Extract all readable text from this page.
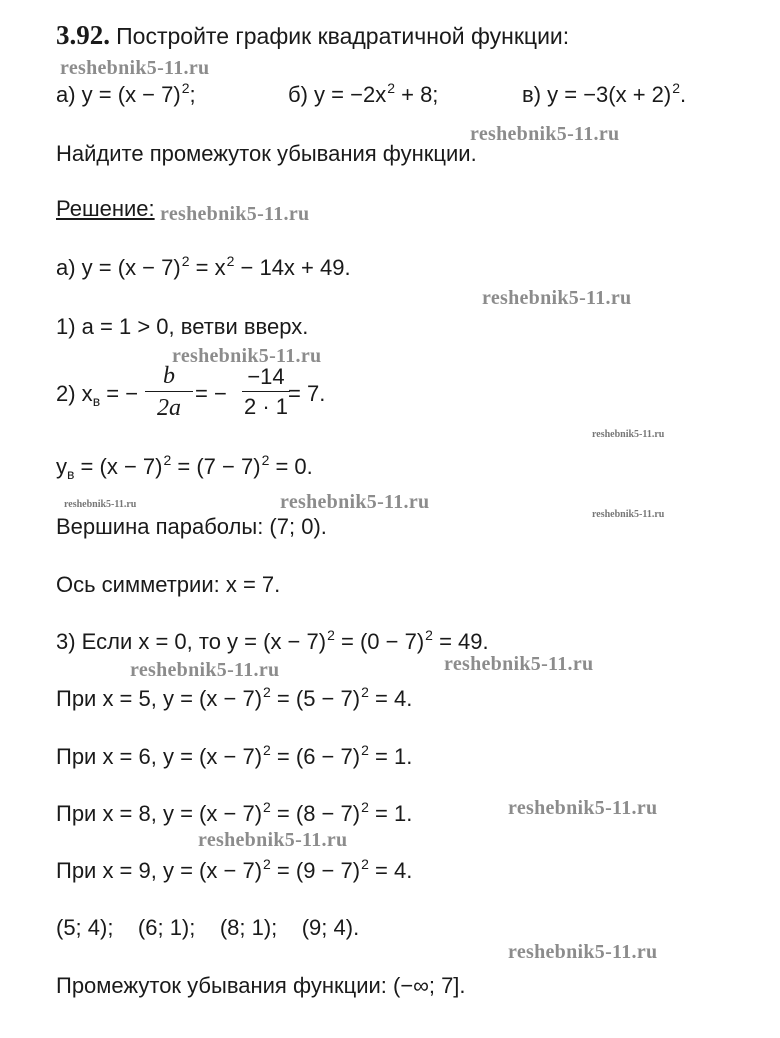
3.92. Постройте график квадратичной функции:
а) $y = (x - 7)^2$;	б) $y = -2x^2 + 8$;	в) $y = -3(x + 2)^2$.
Найдите промежуток убывания функции.
Решение:
а) $y = (x - 7)^2 = x^2 - 14x + 49$.
1) a = 1 > 0, ветви вверх.
2) $x_в$ = −
b
2a
= −
−14
2 · 1
= 7.
$y_в = (x - 7)^2 = (7 - 7)^2 = 0$.
Вершина параболы: (7; 0).
Ось симметрии: x = 7.
3) Если x = 0, то $y = (x - 7)^2 = (0 - 7)^2 = 49$.
При x = 5, $y = (x - 7)^2 = (5 - 7)^2 = 4$.
При x = 6, $y = (x - 7)^2 = (6 - 7)^2 = 1$.
При x = 8, $y = (x - 7)^2 = (8 - 7)^2 = 1$.
При x = 9, $y = (x - 7)^2 = (9 - 7)^2 = 4$.
(5; 4);    (6; 1);    (8; 1);    (9; 4).
Промежуток убывания функции: (−∞; 7].
reshebnik5-11.ru
reshebnik5-11.ru
reshebnik5-11.ru
reshebnik5-11.ru
reshebnik5-11.ru
reshebnik5-11.ru
reshebnik5-11.ru	reshebnik5-11.ru
reshebnik5-11.ru
reshebnik5-11.ru	reshebnik5-11.ru
reshebnik5-11.ru
reshebnik5-11.ru
reshebnik5-11.ru
